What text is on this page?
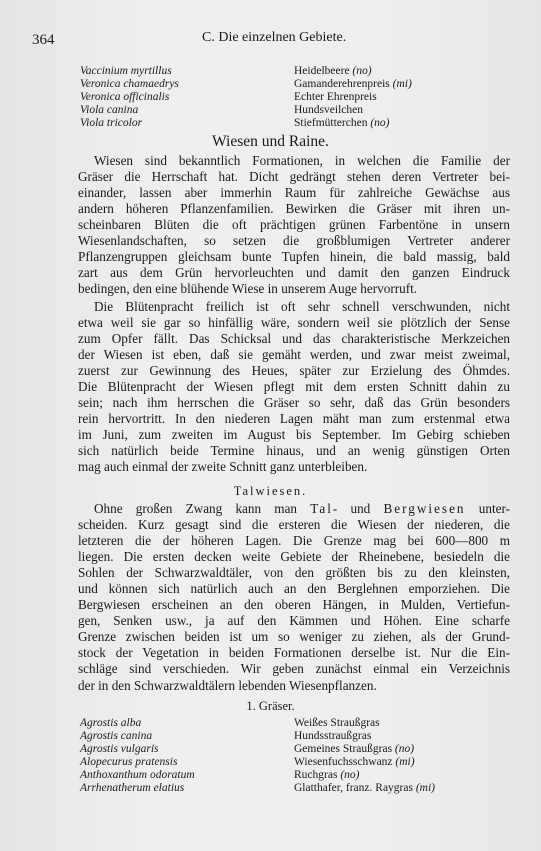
364	C. Die einzelnen Gebiete.
Vaccinium myrtillus	Heidelbeere (no)
Veronica chamaedrys	Gamanderehrenpreis (mi)
Veronica officinalis	Echter Ehrenpreis
Viola canina	Hundsveilchen
Viola tricolor	Stiefmütterchen (no)
Wiesen und Raine.
Wiesen sind bekanntlich Formationen, in welchen die Familie der
Gräser die Herrschaft hat. Dicht gedrängt stehen deren Vertreter bei-
einander, lassen aber immerhin Raum für zahlreiche Gewächse aus
andern höheren Pflanzenfamilien. Bewirken die Gräser mit ihren un-
scheinbaren Blüten die oft prächtigen grünen Farbentöne in unsern
Wiesenlandschaften, so setzen die großblumigen Vertreter anderer
Pflanzengruppen gleichsam bunte Tupfen hinein, die bald massig, bald
zart aus dem Grün hervorleuchten und damit den ganzen Eindruck
bedingen, den eine blühende Wiese in unserem Auge hervorruft.
Die Blütenpracht freilich ist oft sehr schnell verschwunden, nicht
etwa weil sie gar so hinfällig wäre, sondern weil sie plötzlich der Sense
zum Opfer fällt. Das Schicksal und das charakteristische Merkzeichen
der Wiesen ist eben, daß sie gemäht werden, und zwar meist zweimal,
zuerst zur Gewinnung des Heues, später zur Erzielung des Öhmdes.
Die Blütenpracht der Wiesen pflegt mit dem ersten Schnitt dahin zu
sein; nach ihm herrschen die Gräser so sehr, daß das Grün besonders
rein hervortritt. In den niederen Lagen mäht man zum erstenmal etwa
im Juni, zum zweiten im August bis September. Im Gebirg schieben
sich natürlich beide Termine hinaus, und an wenig günstigen Orten
mag auch einmal der zweite Schnitt ganz unterbleiben.
Talwiesen.
Ohne großen Zwang kann man Tal- und Bergwiesen unter-
scheiden. Kurz gesagt sind die ersteren die Wiesen der niederen, die
letzteren die der höheren Lagen. Die Grenze mag bei 600—800 m
liegen. Die ersten decken weite Gebiete der Rheinebene, besiedeln die
Sohlen der Schwarzwaldtäler, von den größten bis zu den kleinsten,
und können sich natürlich auch an den Berglehnen emporziehen. Die
Bergwiesen erscheinen an den oberen Hängen, in Mulden, Vertiefun-
gen, Senken usw., ja auf den Kämmen und Höhen. Eine scharfe
Grenze zwischen beiden ist um so weniger zu ziehen, als der Grund-
stock der Vegetation in beiden Formationen derselbe ist. Nur die Ein-
schläge sind verschieden. Wir geben zunächst einmal ein Verzeichnis
der in den Schwarzwaldtälern lebenden Wiesenpflanzen.
1. Gräser.
Agrostis alba	Weißes Straußgras
Agrostis canina	Hundsstraußgras
Agrostis vulgaris	Gemeines Straußgras (no)
Alopecurus pratensis	Wiesenfuchsschwanz (mi)
Anthoxanthum odoratum	Ruchgras (no)
Arrhenatherum elatius	Glatthafer, franz. Raygras (mi)
